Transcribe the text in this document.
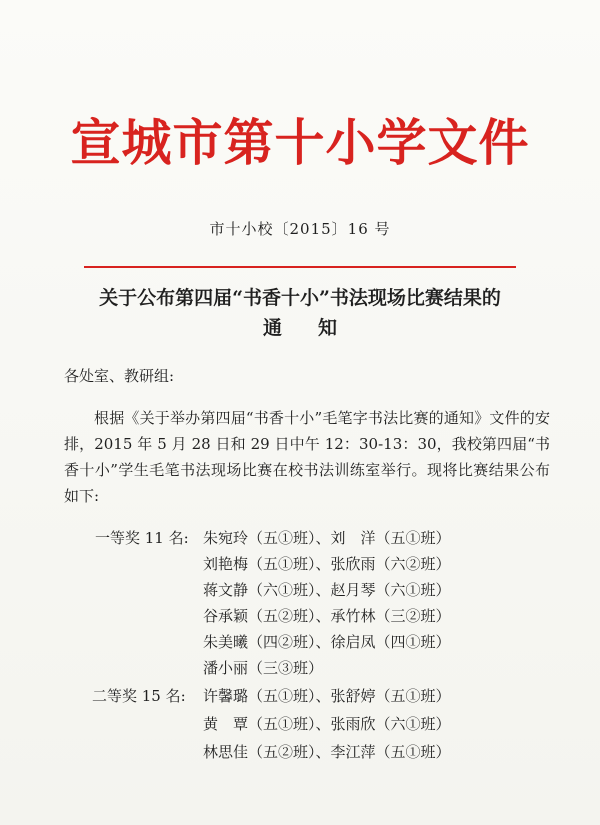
宣城市第十小学文件
市十小校〔2015〕16 号
关于公布第四届“书香十小”书法现场比赛结果的
通知
各处室、教研组:
根据《关于举办第四届“书香十小”毛笔字书法比赛的通知》文件的安排，2015 年 5 月 28 日和 29 日中午 12：30-13：30，我校第四届“书香十小”学生毛笔书法现场比赛在校书法训练室举行。现将比赛结果公布如下:
一等奖 11 名: 朱宛玲（五①班）、刘　洋（五①班）
刘艳梅（五①班）、张欣雨（六②班）
蒋文静（六①班）、赵月琴（六①班）
谷承颖（五②班）、承竹林（三②班）
朱美曦（四②班）、徐启凤（四①班）
潘小丽（三③班）
二等奖 15 名: 许馨璐（五①班）、张舒婷（五①班）
黄　覃（五①班）、张雨欣（六①班）
林思佳（五②班）、李江萍（五①班）
